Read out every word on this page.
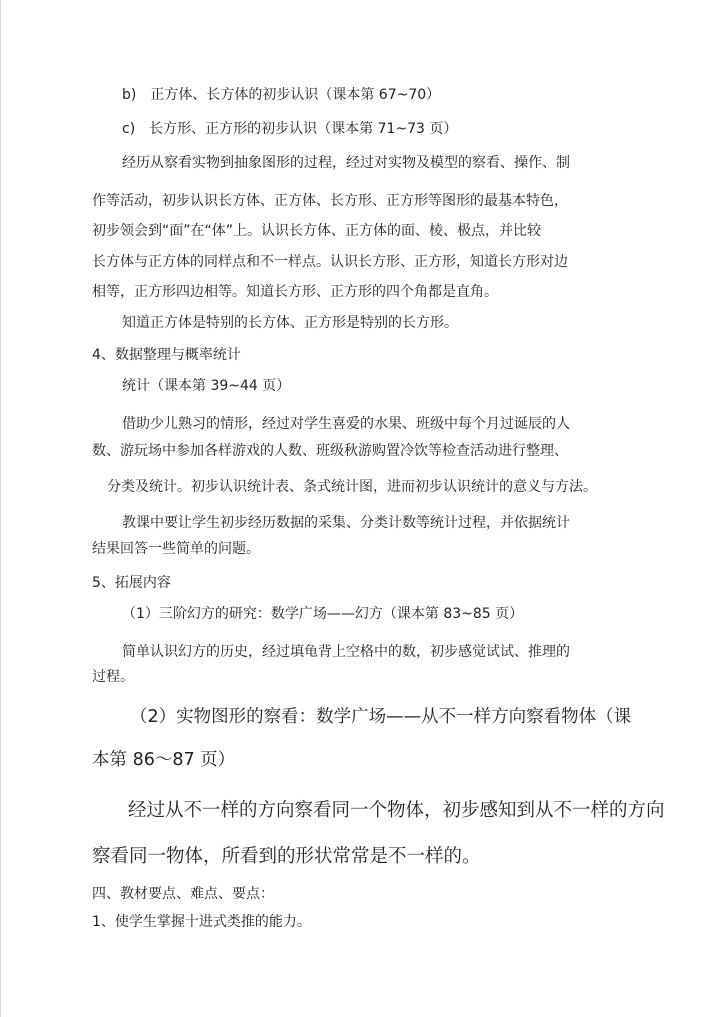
b)　正方体、长方体的初步认识（课本第 67~70）
c)　长方形、正方形的初步认识（课本第 71~73 页）
经历从察看实物到抽象图形的过程，经过对实物及模型的察看、操作、制
作等活动，初步认识长方体、正方体、长方形、正方形等图形的最基本特色，
初步领会到“面”在“体”上。认识长方体、正方体的面、棱、极点，并比较
长方体与正方体的同样点和不一样点。认识长方形、正方形，知道长方形对边
相等，正方形四边相等。知道长方形、正方形的四个角都是直角。
知道正方体是特别的长方体、正方形是特别的长方形。
4、数据整理与概率统计
统计（课本第 39~44 页）
借助少儿熟习的情形，经过对学生喜爱的水果、班级中每个月过诞辰的人
数、游玩场中参加各样游戏的人数、班级秋游购置冷饮等检查活动进行整理、
分类及统计。初步认识统计表、条式统计图，进而初步认识统计的意义与方法。
教课中要让学生初步经历数据的采集、分类计数等统计过程，并依据统计
结果回答一些简单的问题。
5、拓展内容
（1）三阶幻方的研究：数学广场——幻方（课本第 83~85 页）
简单认识幻方的历史，经过填龟背上空格中的数，初步感觉试试、推理的
过程。
（2）实物图形的察看：数学广场——从不一样方向察看物体（课
本第 86～87 页）
经过从不一样的方向察看同一个物体，初步感知到从不一样的方向
察看同一物体，所看到的形状常常是不一样的。
四、教材要点、难点、要点：
1、使学生掌握十进式类推的能力。
